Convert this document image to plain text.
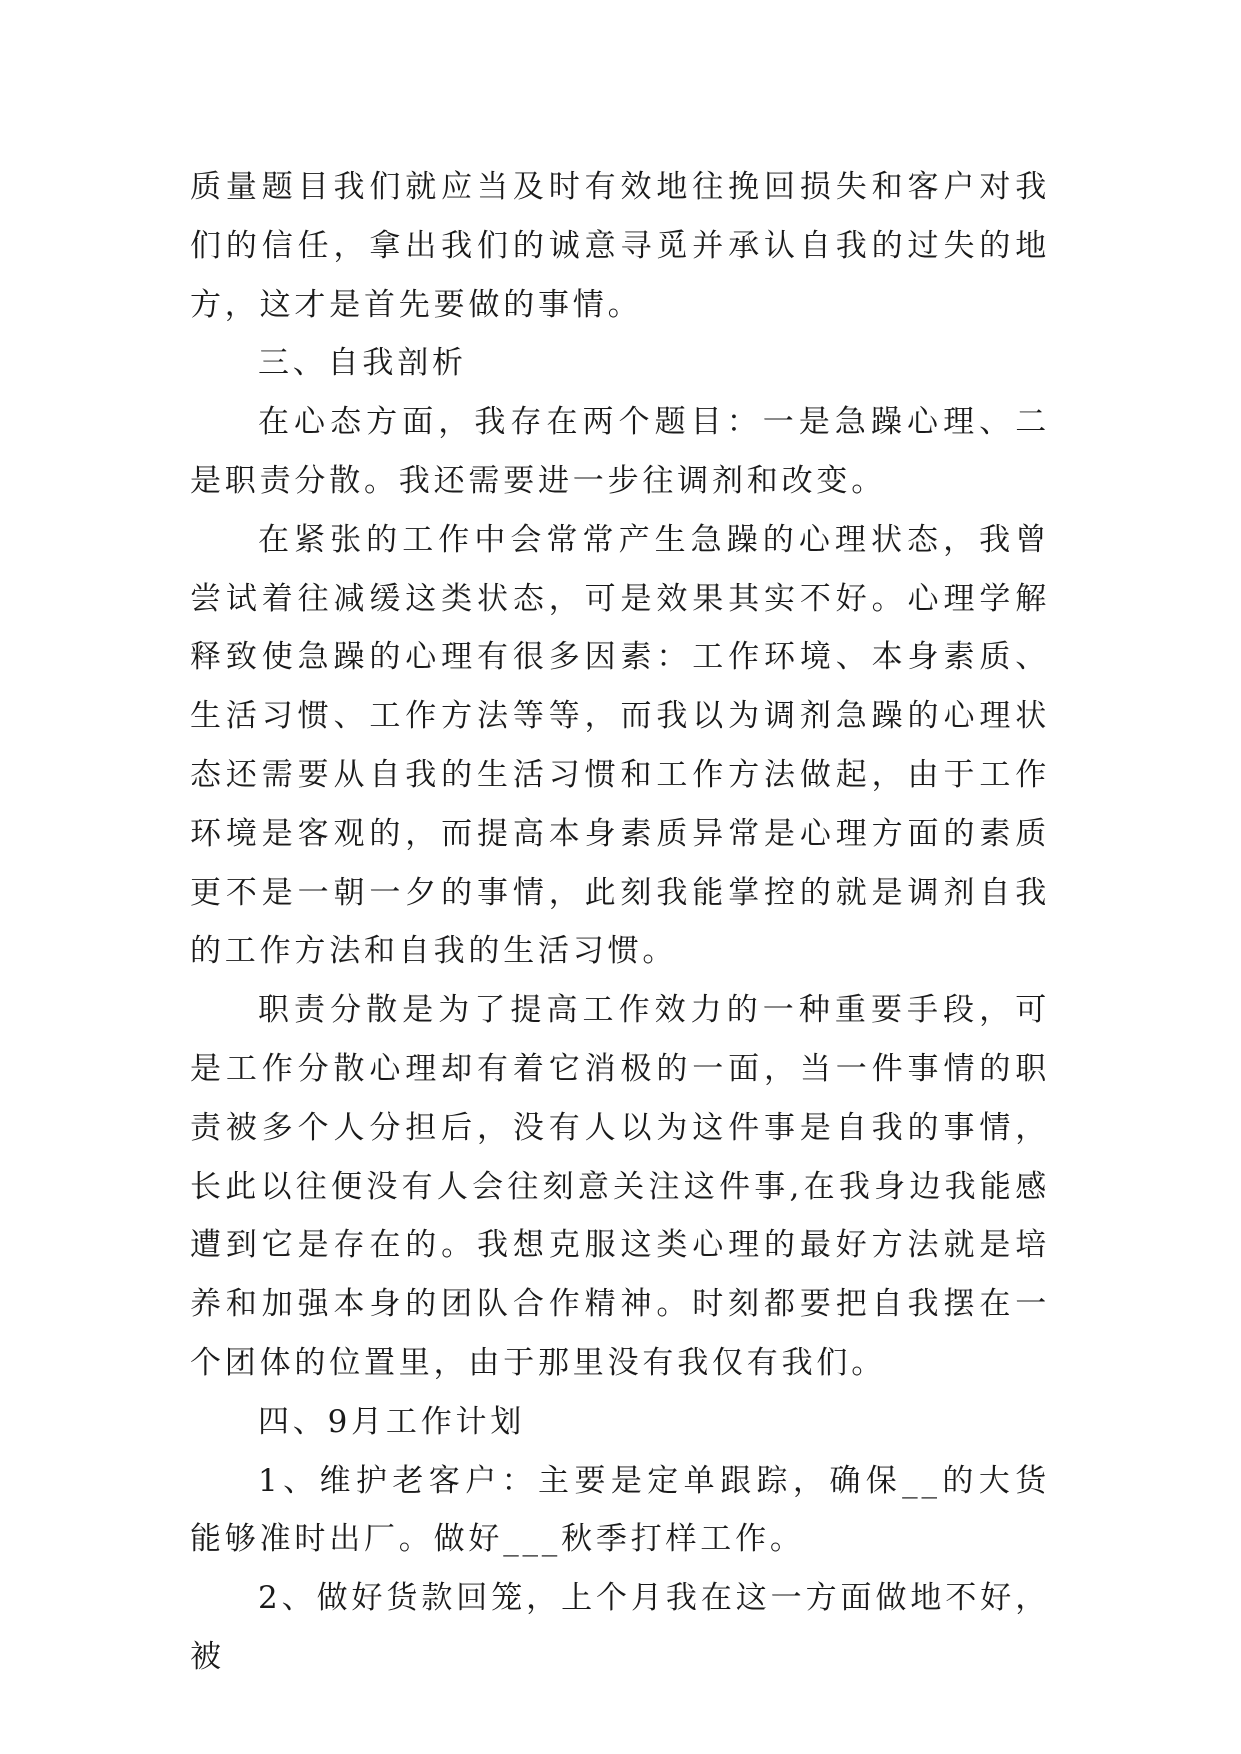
质量题目我们就应当及时有效地往挽回损失和客户对我们的信任，拿出我们的诚意寻觅并承认自我的过失的地方，这才是首先要做的事情。

三、自我剖析

在心态方面，我存在两个题目：一是急躁心理、二是职责分散。我还需要进一步往调剂和改变。

在紧张的工作中会常常产生急躁的心理状态，我曾尝试着往减缓这类状态，可是效果其实不好。心理学解释致使急躁的心理有很多因素：工作环境、本身素质、生活习惯、工作方法等等，而我以为调剂急躁的心理状态还需要从自我的生活习惯和工作方法做起，由于工作环境是客观的，而提高本身素质异常是心理方面的素质更不是一朝一夕的事情，此刻我能掌控的就是调剂自我的工作方法和自我的生活习惯。

职责分散是为了提高工作效力的一种重要手段，可是工作分散心理却有着它消极的一面，当一件事情的职责被多个人分担后，没有人以为这件事是自我的事情，长此以往便没有人会往刻意关注这件事,在我身边我能感遭到它是存在的。我想克服这类心理的最好方法就是培养和加强本身的团队合作精神。时刻都要把自我摆在一个团体的位置里，由于那里没有我仅有我们。

四、9月工作计划

1、维护老客户：主要是定单跟踪，确保__的大货能够准时出厂。做好___秋季打样工作。

2、做好货款回笼，上个月我在这一方面做地不好，被
